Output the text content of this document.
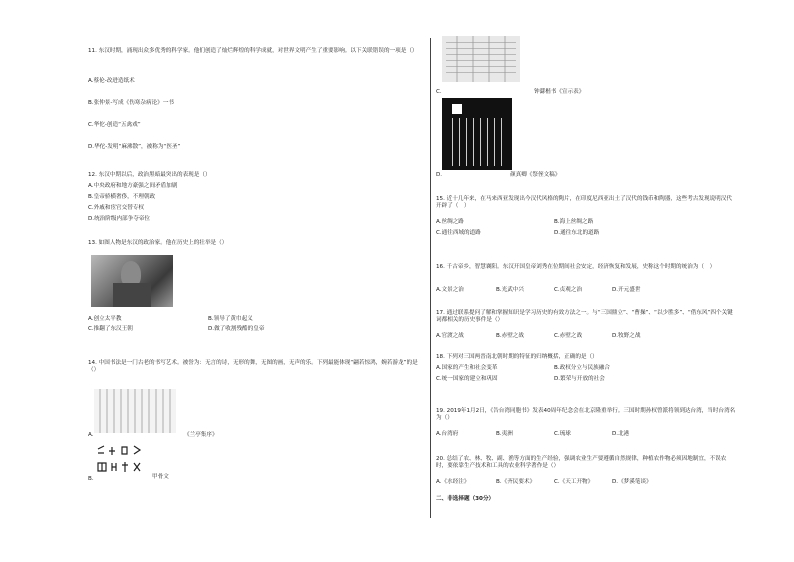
11. 东汉时期，涌现出众多优秀的科学家。他们创造了灿烂辉煌的科学成就，对世界文明产生了重要影响。以下关联错误的一项是（）
A.蔡伦-改进造纸术
B.张仲景-写成《伤寒杂病论》一书
C.华佗-创造“五禽戏”
D.华佗-发明“麻沸散”，被称为“医圣”
12. 东汉中期以后，政治黑暗最突出的表现是（）
A.中央政府和地方豪强之间矛盾加剧
B.皇帝骄横奢侈，不理朝政
C.外戚和宦官交替专权
D.统治阶级内部争夺帝位
13. 如图人物是东汉的政治家。他在历史上的壮举是（）
A.创立太平教	B.领导了黄巾起义
C.推翻了东汉王朝	D.做了收割残酷的皇帝
14. 中国书法是一门古老的书写艺术。被誉为：无言的诗，无形的舞，无图的画，无声的乐。下列最能体现“翩若惊鸿，婉若游龙”的是（）
A.	《兰亭集序》
B.	甲骨文
C.	钟繇楷书《宣示表》
D.	颜真卿《祭侄文稿》
15. 近十几年来，在马来西亚发现出今汉代风格的陶片，在印度尼西亚出土了汉代的钱币和陶器，这些考古发现说明汉代开辟了（　）
A.丝绸之路	B.海上丝绸之路
C.通往西域的道路	D.通往东北的道路
16. 千古帝乡，智慧襄阳。东汉开国皇帝刘秀在位期间社会安定，经济恢复和发展，史称这个时期的统治为（　）
A.文景之治	B.光武中兴	C.贞观之治	D.开元盛世
17. 通过联系提问了解和掌握知识是学习历史的有效方法之一。与“三国鼎立”、“曹操”、“以少胜多”、“借东风”四个关键词都相关的历史事件是（）
A.官渡之战	B.赤壁之战	C.赤壁之战	D.牧野之战
18. 下列对三国两晋南北朝时期的特征的归纳概括，正确的是（）
A.国家的产生和社会变革	B.政权分立与民族融合
C.统一国家的建立和巩固	D.繁荣与开放的社会
19. 2019年1月2日，《告台湾同胞书》发表40周年纪念会在北京隆重举行。三国时期孙权曾派将领到达台湾，当时台湾名为（）
A.台湾府	B.夷洲	C.琉球	D.北港
20. 总结了农、林、牧、副、渔等方面的生产经验，强调农业生产要遵循自然规律，种植农作物必须因地制宜，不误农时，要依靠生产技术和工具的农业科学著作是（）
A.《水经注》	B.《齐民要术》	C.《天工开物》	D.《梦溪笔谈》
二、非选择题（30分）
